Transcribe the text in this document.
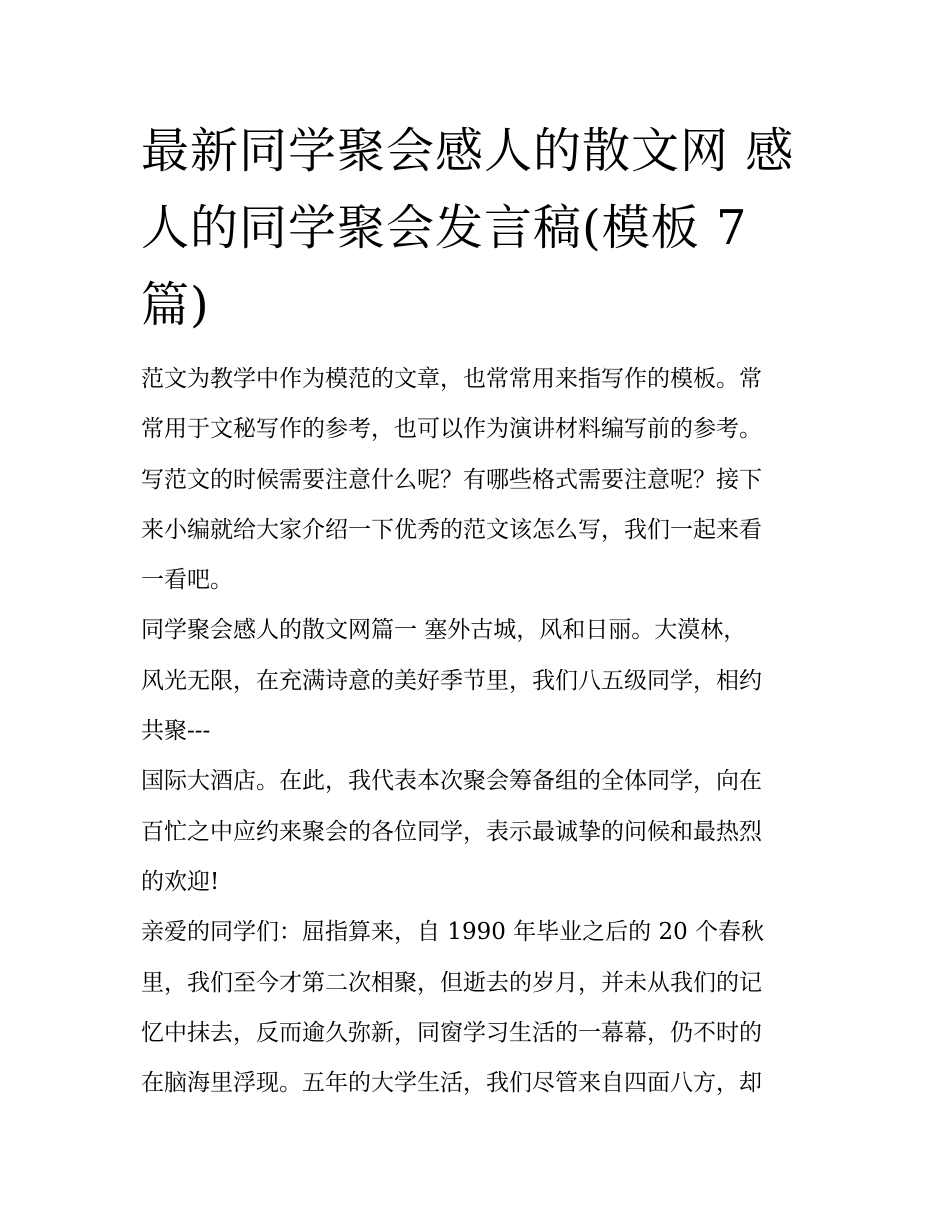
最新同学聚会感人的散文网 感
人的同学聚会发言稿(模板 7
篇)
范文为教学中作为模范的文章，也常常用来指写作的模板。常
常用于文秘写作的参考，也可以作为演讲材料编写前的参考。
写范文的时候需要注意什么呢？有哪些格式需要注意呢？接下
来小编就给大家介绍一下优秀的范文该怎么写，我们一起来看
一看吧。
同学聚会感人的散文网篇一 塞外古城，风和日丽。大漠林，
风光无限，在充满诗意的美好季节里，我们八五级同学，相约
共聚---
国际大酒店。在此，我代表本次聚会筹备组的全体同学，向在
百忙之中应约来聚会的各位同学，表示最诚挚的问候和最热烈
的欢迎!
亲爱的同学们：屈指算来，自 1990 年毕业之后的 20 个春秋
里，我们至今才第二次相聚，但逝去的岁月，并未从我们的记
忆中抹去，反而逾久弥新，同窗学习生活的一幕幕，仍不时的
在脑海里浮现。五年的大学生活，我们尽管来自四面八方，却
